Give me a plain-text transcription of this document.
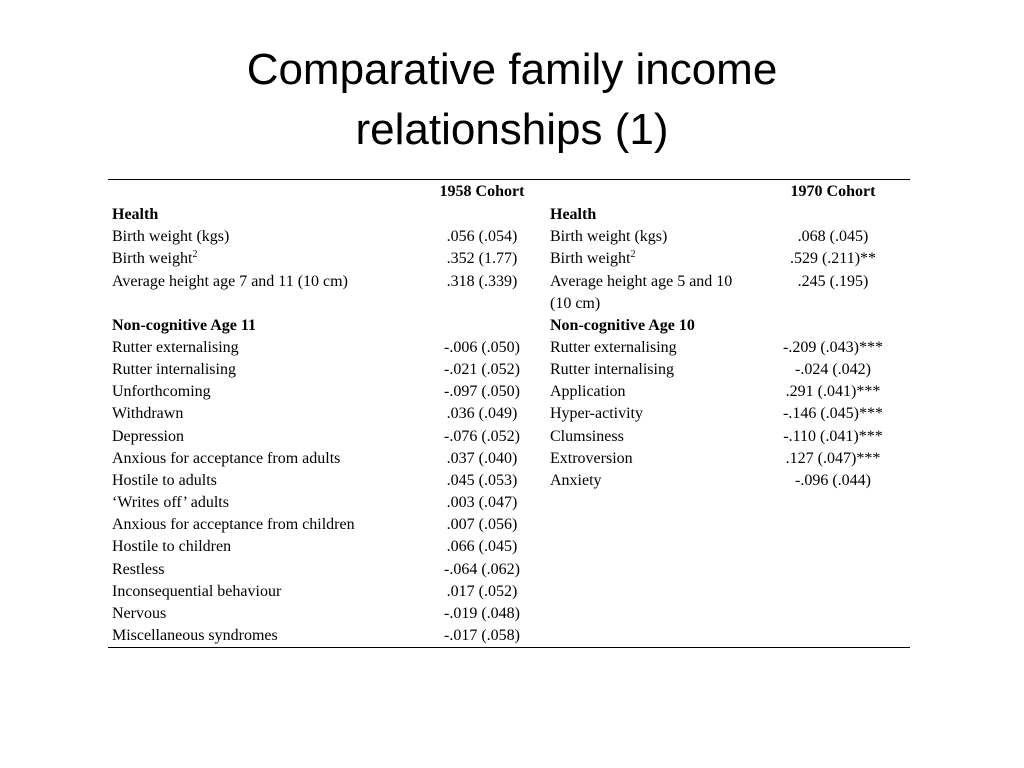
Comparative family income
relationships (1)
	1958 Cohort		1970 Cohort
Health		Health	
Birth weight (kgs)	.056 (.054)	Birth weight (kgs)	.068 (.045)
Birth weight$^2$	.352 (1.77)	Birth weight$^2$	.529 (.211)**
Average height age 7 and 11 (10 cm)	.318 (.339)	Average height age 5 and 10 (10 cm)	.245 (.195)
Non-cognitive Age 11		Non-cognitive Age 10	
Rutter externalising	-.006 (.050)	Rutter externalising	-.209 (.043)***
Rutter internalising	-.021 (.052)	Rutter internalising	-.024 (.042)
Unforthcoming	-.097 (.050)	Application	.291 (.041)***
Withdrawn	.036 (.049)	Hyper-activity	-.146 (.045)***
Depression	-.076 (.052)	Clumsiness	-.110 (.041)***
Anxious for acceptance from adults	.037 (.040)	Extroversion	.127 (.047)***
Hostile to adults	.045 (.053)	Anxiety	-.096 (.044)
‘Writes off’ adults	.003 (.047)		
Anxious for acceptance from children	.007 (.056)		
Hostile to children	.066 (.045)		
Restless	-.064 (.062)		
Inconsequential behaviour	.017 (.052)		
Nervous	-.019 (.048)		
Miscellaneous syndromes	-.017 (.058)		
